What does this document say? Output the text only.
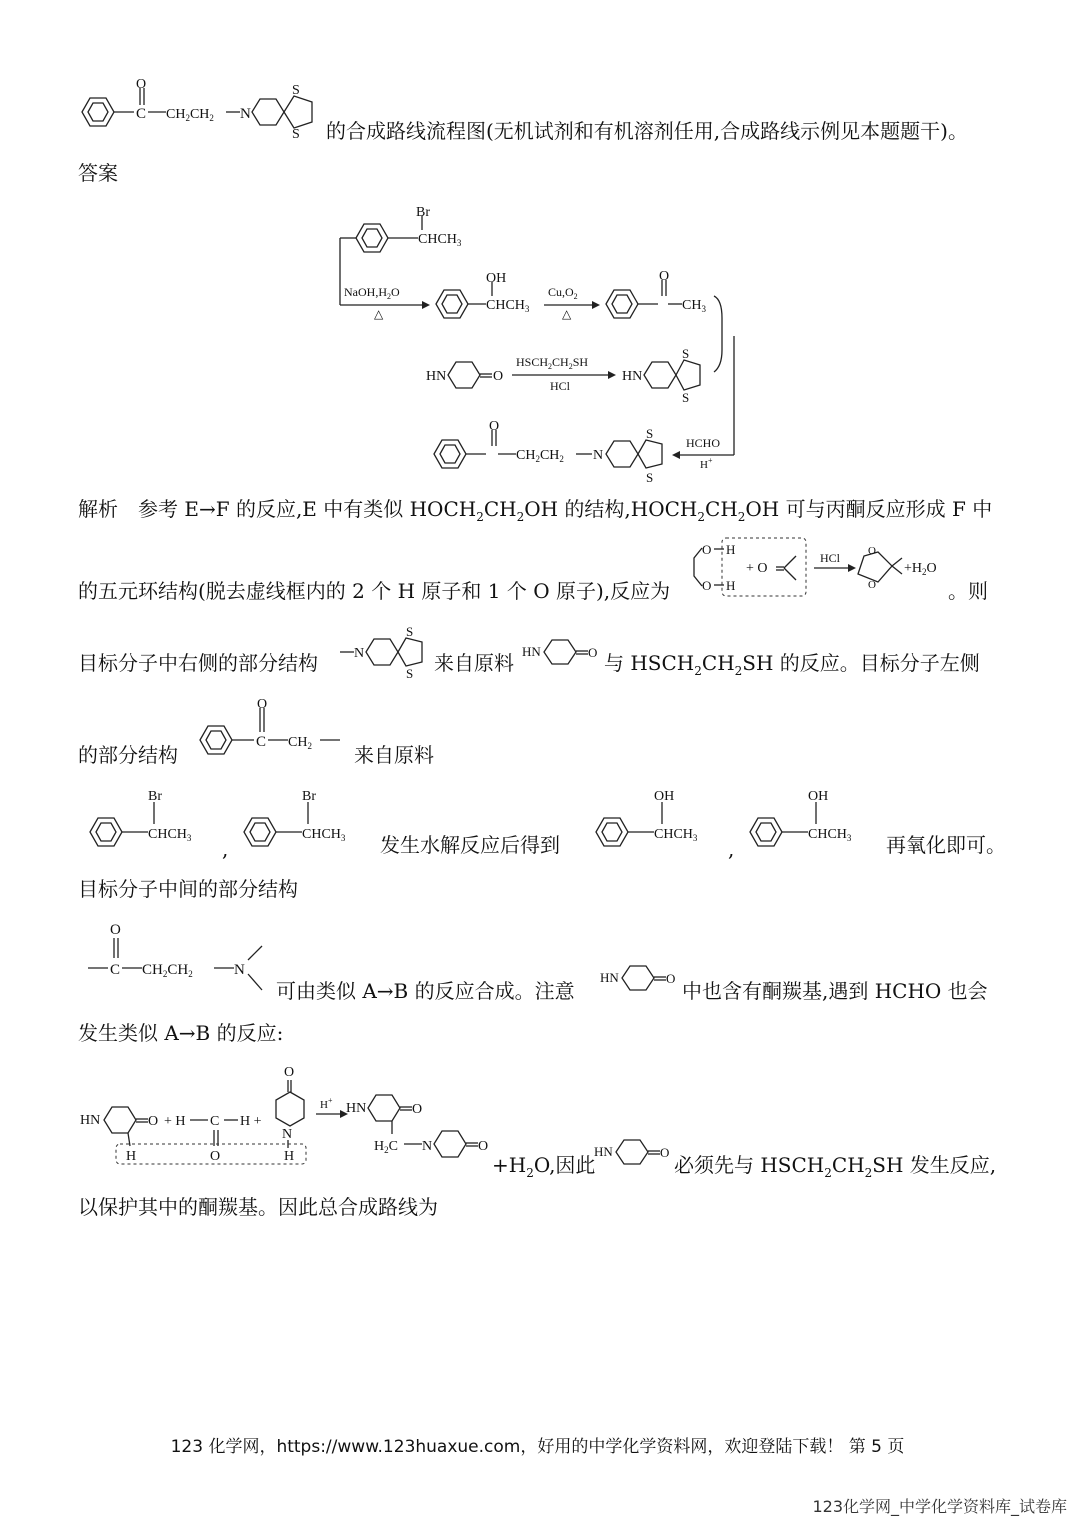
O
C $CH_2CH_2$ N
S
S 的合成路线流程图(无机试剂和有机溶剂任用,合成路线示例见本题题干)。
答案
Br
$CHCH_3$
$NaOH,H_2O$
△
OH
$CHCH_3$
$Cu,O_2$
△
O
$CH_3$
HCHO
H+
HN	O
$HSCH_2CH_2SH$
HCl
HN
S
S
O
$CH_2CH_2$ N
S
S
解析　参考 E→F 的反应,E 中有类似 $HOCH_2CH_2OH$ 的结构$,HOCH_2CH_2OH$ 可与丙酮反应形成 F 中
的五元环结构(脱去虚线框内的 2 个 H 原子和 1 个 O 原子),反应为
O
O
H
H
+ O
HCl	O
O
$+H_2O$
。则
目标分子中右侧的部分结构	N
S
S 来自原料 HN	O 与 $HSCH_2CH_2SH$ 的反应。目标分子左侧
的部分结构
O
C $CH_2$ 来自原料
Br
$CHCH_3$ ,
Br
$CHCH_3$ 发生水解反应后得到
OH
$CHCH_3$ ,
OH
$CHCH_3$ 再氧化即可。
目标分子中间的部分结构
O
C $CH_2CH_2$	N
可由类似 A→B 的反应合成。注意
HN	O
中也含有酮羰基,遇到 HCHO 也会
发生类似 A→B 的反应:
HN	O
H
+ H C
O
H +
O
N
H
H+
HN	O
$H_2C$ N	O
$+H_2O$,因此
HN	O
必须先与 $HSCH_2CH_2SH$ 发生反应,
以保护其中的酮羰基。因此总合成路线为
123 化学网，https://www.123huaxue.com，好用的中学化学资料网，欢迎登陆下载！ 第 5 页
123化学网_中学化学资料库_试卷库
